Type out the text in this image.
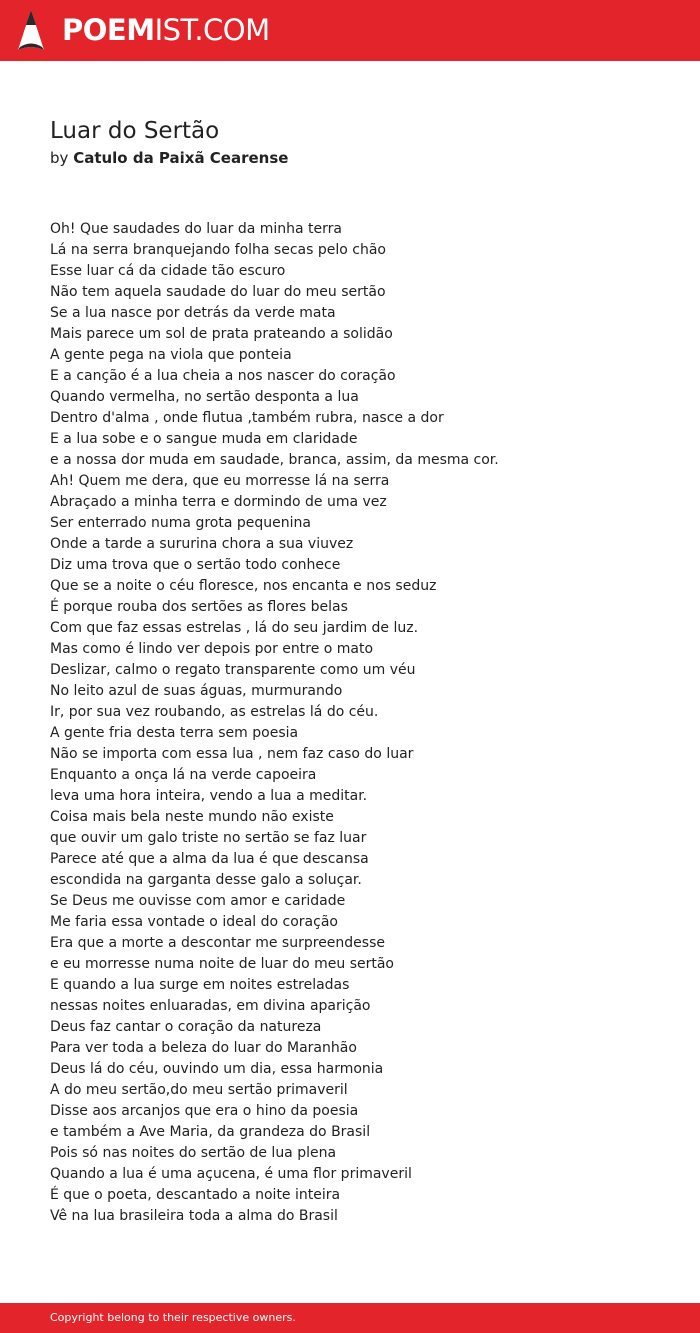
POEMIST.COM
Luar do Sertão
by Catulo da Paixã Cearense
Oh! Que saudades do luar da minha terra
Lá na serra branquejando folha secas pelo chão
Esse luar cá da cidade tão escuro
Não tem aquela saudade do luar do meu sertão
Se a lua nasce por detrás da verde mata
Mais parece um sol de prata prateando a solidão
A gente pega na viola que ponteia
E a canção é a lua cheia a nos nascer do coração
Quando vermelha, no sertão desponta a lua
Dentro d'alma , onde flutua ,também rubra, nasce a dor
E a lua sobe e o sangue muda em claridade
e a nossa dor muda em saudade, branca, assim, da mesma cor.
Ah! Quem me dera, que eu morresse lá na serra
Abraçado a minha terra e dormindo de uma vez
Ser enterrado numa grota pequenina
Onde a tarde a sururina chora a sua viuvez
Diz uma trova que o sertão todo conhece
Que se a noite o céu floresce, nos encanta e nos seduz
É porque rouba dos sertões as flores belas
Com que faz essas estrelas , lá do seu jardim de luz.
Mas como é lindo ver depois por entre o mato
Deslizar, calmo o regato transparente como um véu
No leito azul de suas águas, murmurando
Ir, por sua vez roubando, as estrelas lá do céu.
A gente fria desta terra sem poesia
Não se importa com essa lua , nem faz caso do luar
Enquanto a onça lá na verde capoeira
leva uma hora inteira, vendo a lua a meditar.
Coisa mais bela neste mundo não existe
que ouvir um galo triste no sertão se faz luar
Parece até que a alma da lua é que descansa
escondida na garganta desse galo a soluçar.
Se Deus me ouvisse com amor e caridade
Me faria essa vontade o ideal do coração
Era que a morte a descontar me surpreendesse
e eu morresse numa noite de luar do meu sertão
E quando a lua surge em noites estreladas
nessas noites enluaradas, em divina aparição
Deus faz cantar o coração da natureza
Para ver toda a beleza do luar do Maranhão
Deus lá do céu, ouvindo um dia, essa harmonia
A do meu sertão,do meu sertão primaveril
Disse aos arcanjos que era o hino da poesia
e também a Ave Maria, da grandeza do Brasil
Pois só nas noites do sertão de lua plena
Quando a lua é uma açucena, é uma flor primaveril
É que o poeta, descantado a noite inteira
Vê na lua brasileira toda a alma do Brasil
Copyright belong to their respective owners.
